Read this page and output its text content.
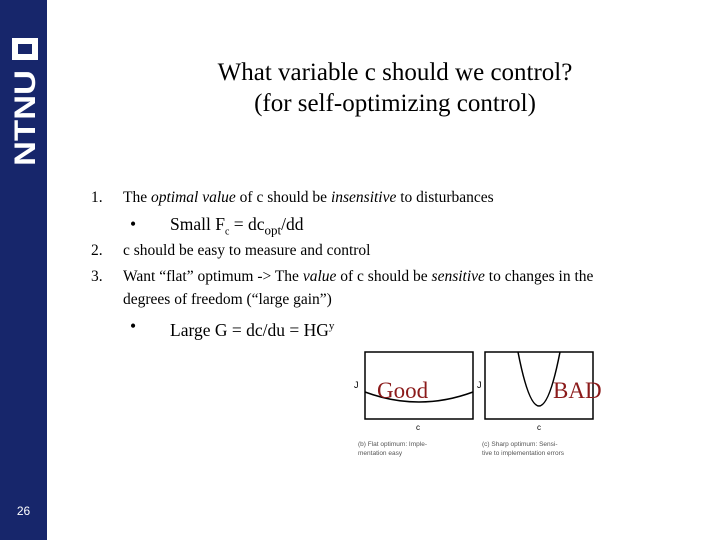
NTNU
26
What variable c should we control?
(for self-optimizing control)
1. The optimal value of c should be insensitive to disturbances
• Small $F_c = dc_{opt}/dd$
2. c should be easy to measure and control
3. Want “flat” optimum -> The value of c should be sensitive to changes in the
degrees of freedom (“large gain”)
• Large $G = dc/du = HG^y$
J
c
(b) Flat optimum: Imple-
mentation easy
J
c
(c) Sharp optimum: Sensi-
tive to implementation errors
Good	BAD
